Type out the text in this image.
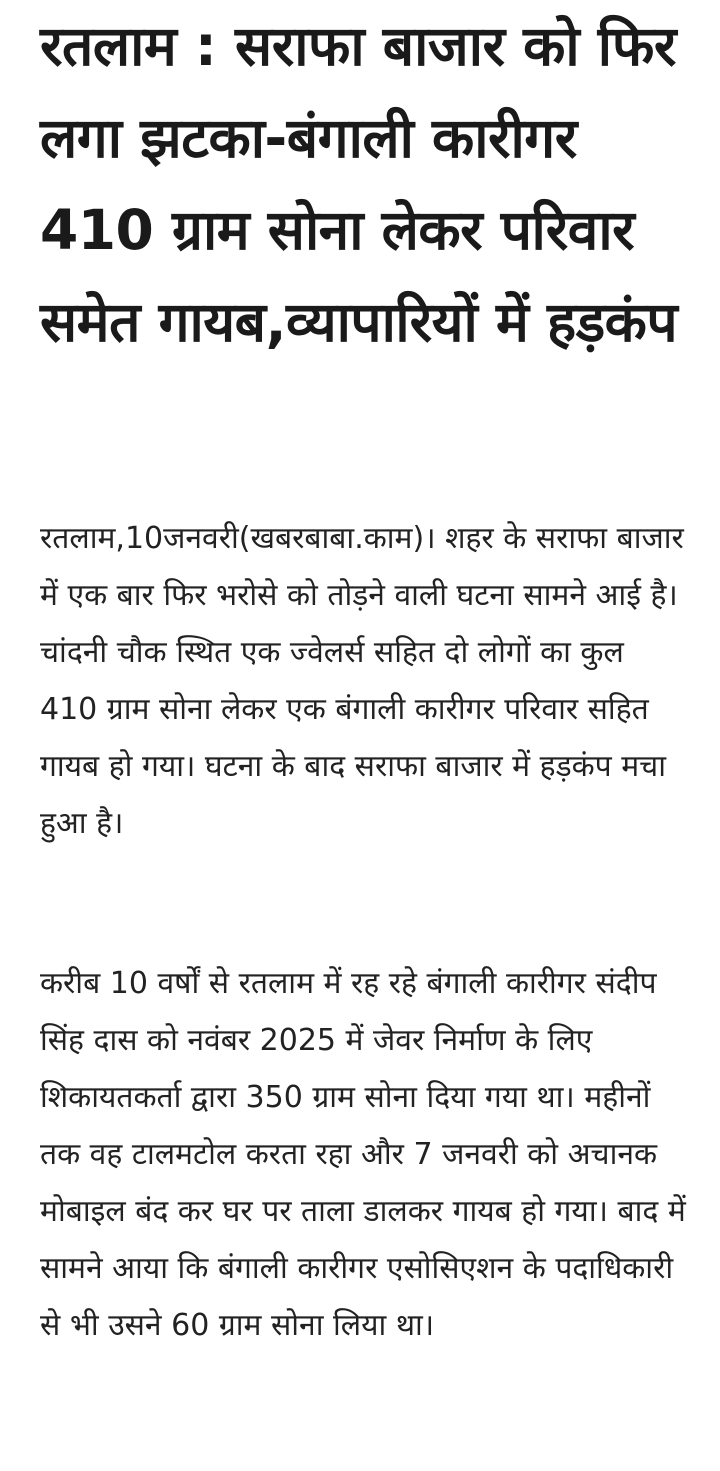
रतलाम : सराफा बाजार को फिर लगा झटका-बंगाली कारीगर 410 ग्राम सोना लेकर परिवार समेत गायब,व्यापारियों में हड़कंप

रतलाम,10जनवरी(खबरबाबा.काम)। शहर के सराफा बाजार में एक बार फिर भरोसे को तोड़ने वाली घटना सामने आई है। चांदनी चौक स्थित एक ज्वेलर्स सहित दो लोगों का कुल 410 ग्राम सोना लेकर एक बंगाली कारीगर परिवार सहित गायब हो गया। घटना के बाद सराफा बाजार में हड़कंप मचा हुआ है।

करीब 10 वर्षों से रतलाम में रह रहे बंगाली कारीगर संदीप सिंह दास को नवंबर 2025 में जेवर निर्माण के लिए शिकायतकर्ता द्वारा 350 ग्राम सोना दिया गया था। महीनों तक वह टालमटोल करता रहा और 7 जनवरी को अचानक मोबाइल बंद कर घर पर ताला डालकर गायब हो गया। बाद में सामने आया कि बंगाली कारीगर एसोसिएशन के पदाधिकारी से भी उसने 60 ग्राम सोना लिया था।
